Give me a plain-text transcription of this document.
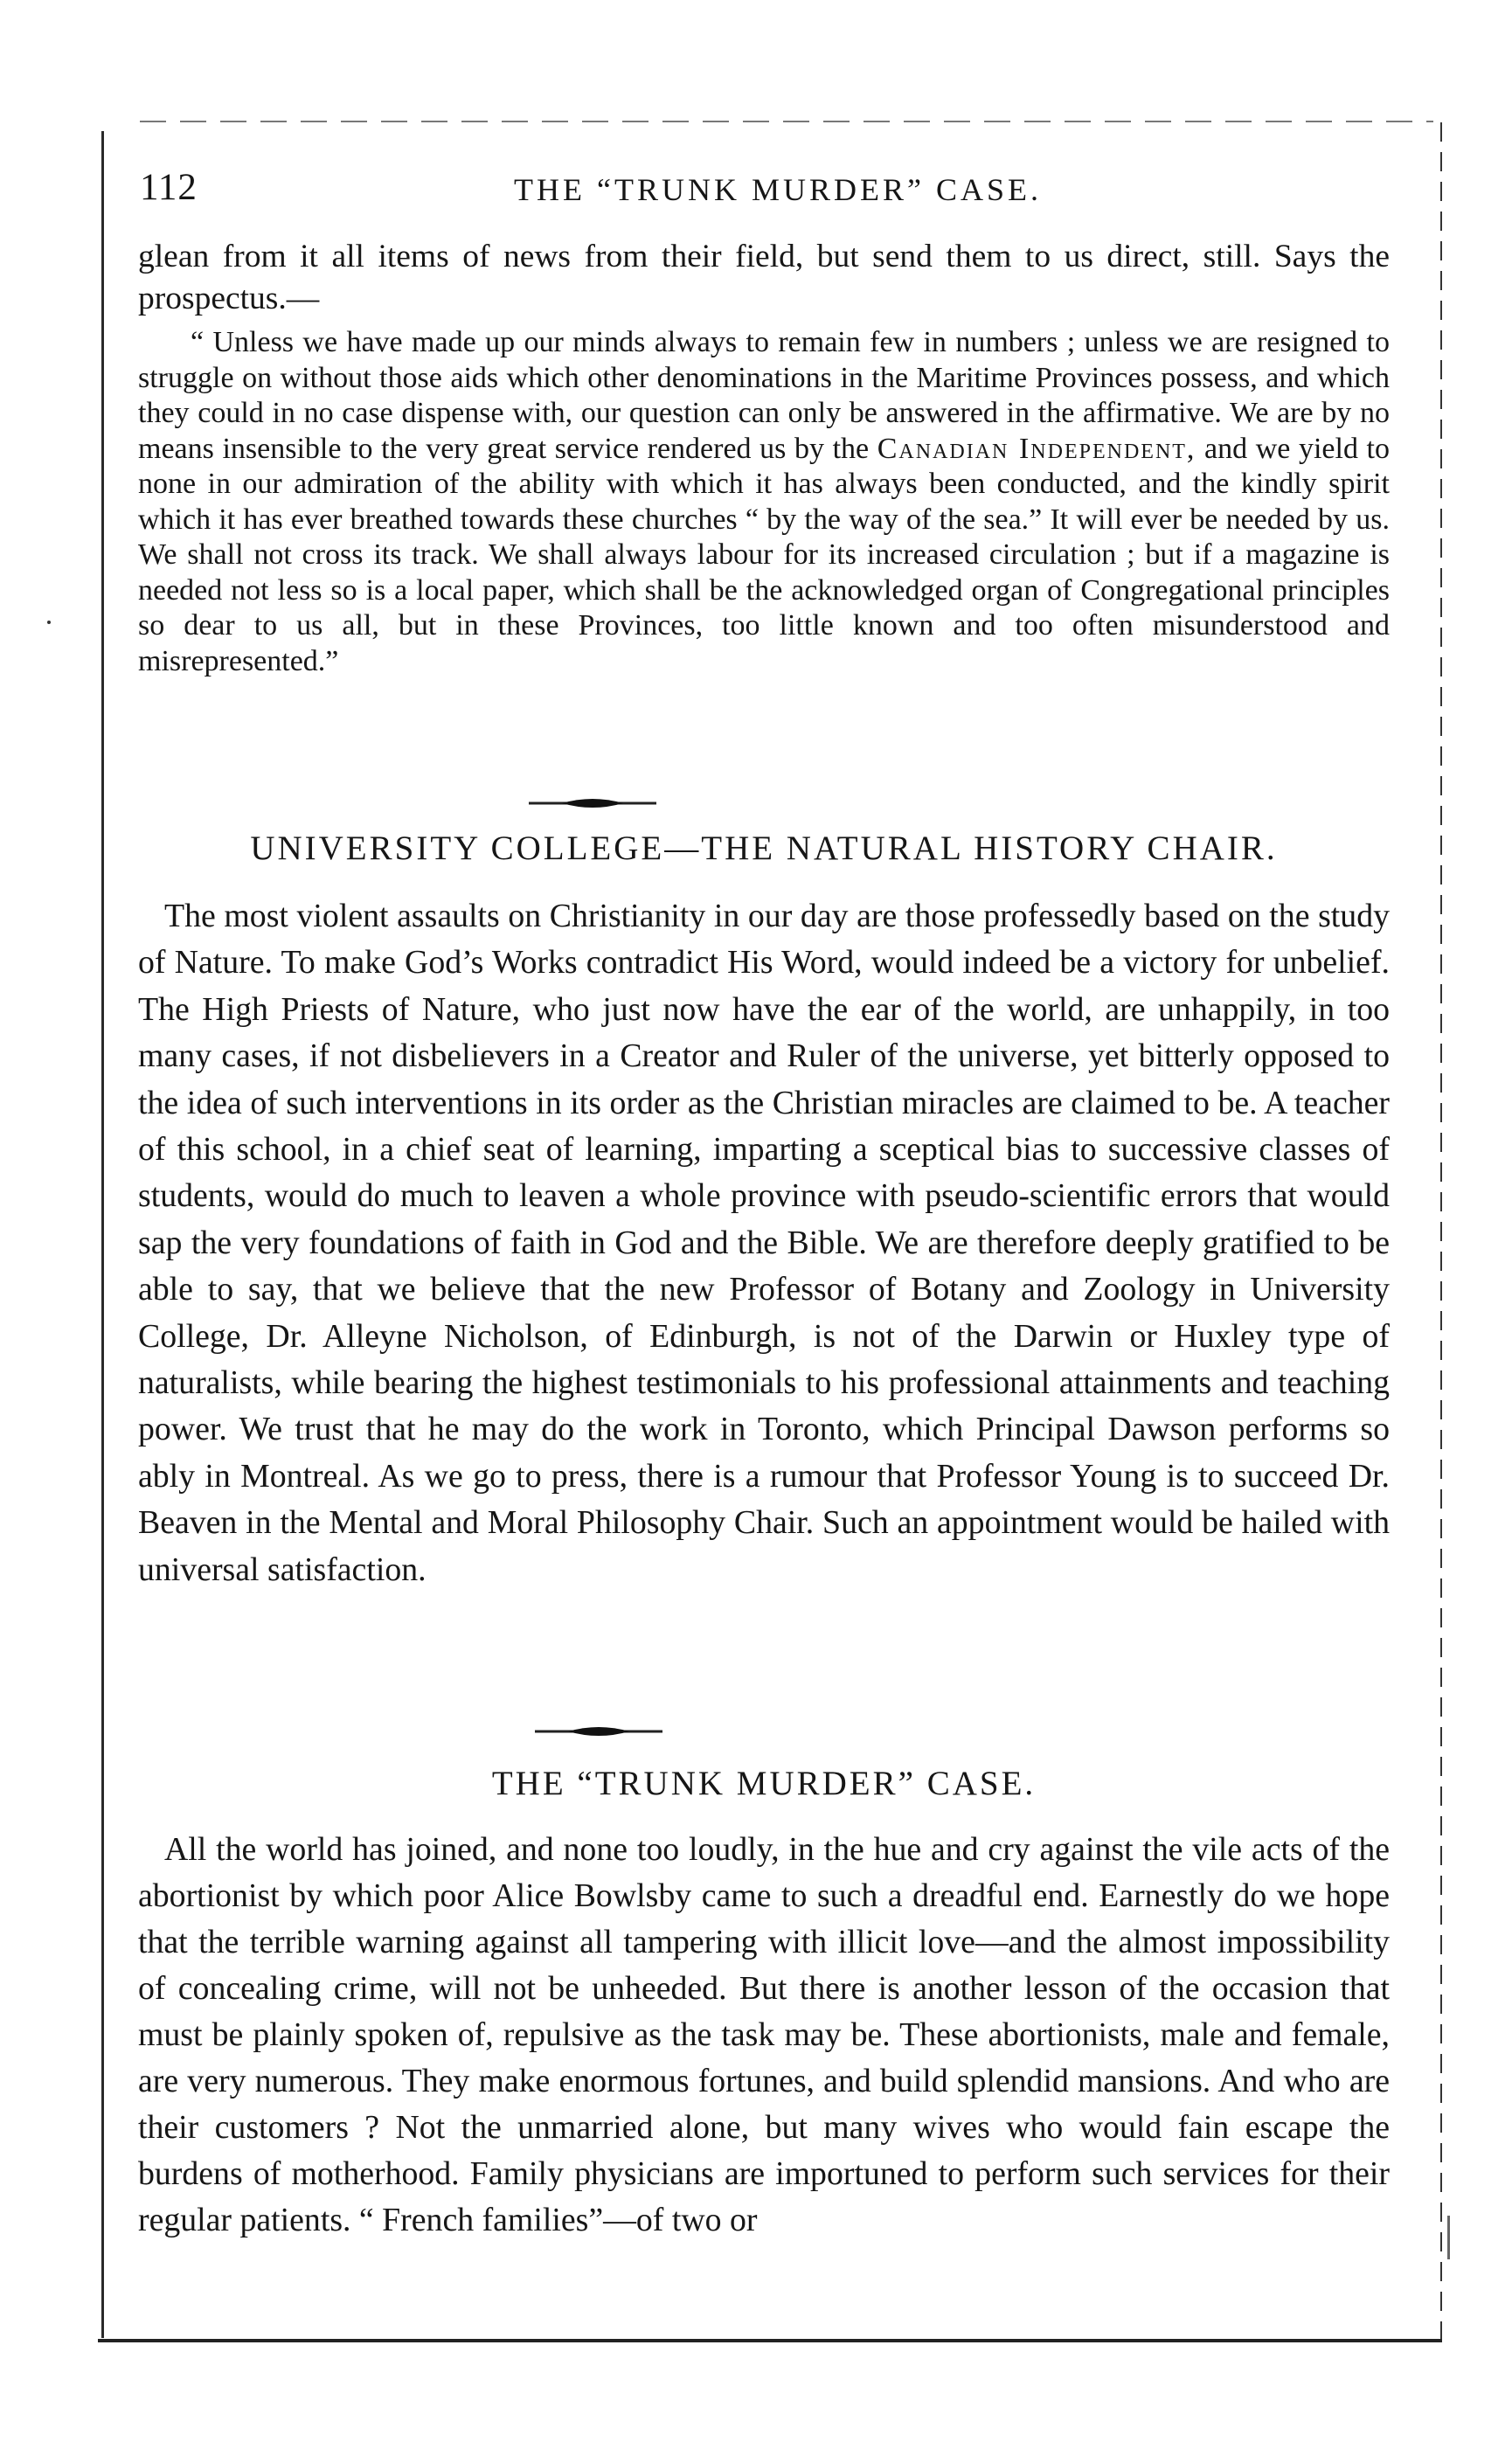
112	THE “TRUNK MURDER” CASE.

glean from it all items of news from their field, but send them to us direct, still. Says the prospectus.—

“ Unless we have made up our minds always to remain few in numbers ; unless we are resigned to struggle on without those aids which other denominations in the Maritime Provinces possess, and which they could in no case dispense with, our question can only be answered in the affirmative. We are by no means insensible to the very great service rendered us by the Canadian Independent, and we yield to none in our admiration of the ability with which it has always been conducted, and the kindly spirit which it has ever breathed towards these churches “ by the way of the sea.” It will ever be needed by us. We shall not cross its track. We shall always labour for its increased circulation ; but if a magazine is needed not less so is a local paper, which shall be the acknowledged organ of Congregational principles so dear to us all, but in these Provinces, too little known and too often misunderstood and misrepresented.”

UNIVERSITY COLLEGE—THE NATURAL HISTORY CHAIR.

The most violent assaults on Christianity in our day are those professedly based on the study of Nature. To make God’s Works contradict His Word, would indeed be a victory for unbelief. The High Priests of Nature, who just now have the ear of the world, are unhappily, in too many cases, if not disbelievers in a Creator and Ruler of the universe, yet bitterly opposed to the idea of such interventions in its order as the Christian miracles are claimed to be. A teacher of this school, in a chief seat of learning, imparting a sceptical bias to successive classes of students, would do much to leaven a whole province with pseudo-scientific errors that would sap the very foundations of faith in God and the Bible. We are therefore deeply gratified to be able to say, that we believe that the new Professor of Botany and Zoology in University College, Dr. Alleyne Nicholson, of Edinburgh, is not of the Darwin or Huxley type of naturalists, while bearing the highest testimonials to his professional attainments and teaching power. We trust that he may do the work in Toronto, which Principal Dawson performs so ably in Montreal. As we go to press, there is a rumour that Professor Young is to succeed Dr. Beaven in the Mental and Moral Philosophy Chair. Such an appointment would be hailed with universal satisfaction.

THE “TRUNK MURDER” CASE.

All the world has joined, and none too loudly, in the hue and cry against the vile acts of the abortionist by which poor Alice Bowlsby came to such a dreadful end. Earnestly do we hope that the terrible warning against all tampering with illicit love—and the almost impossibility of concealing crime, will not be unheeded. But there is another lesson of the occasion that must be plainly spoken of, repulsive as the task may be. These abortionists, male and female, are very numerous. They make enormous fortunes, and build splendid mansions. And who are their customers ? Not the unmarried alone, but many wives who would fain escape the burdens of motherhood. Family physicians are importuned to perform such services for their regular patients. “ French families”—of two or
